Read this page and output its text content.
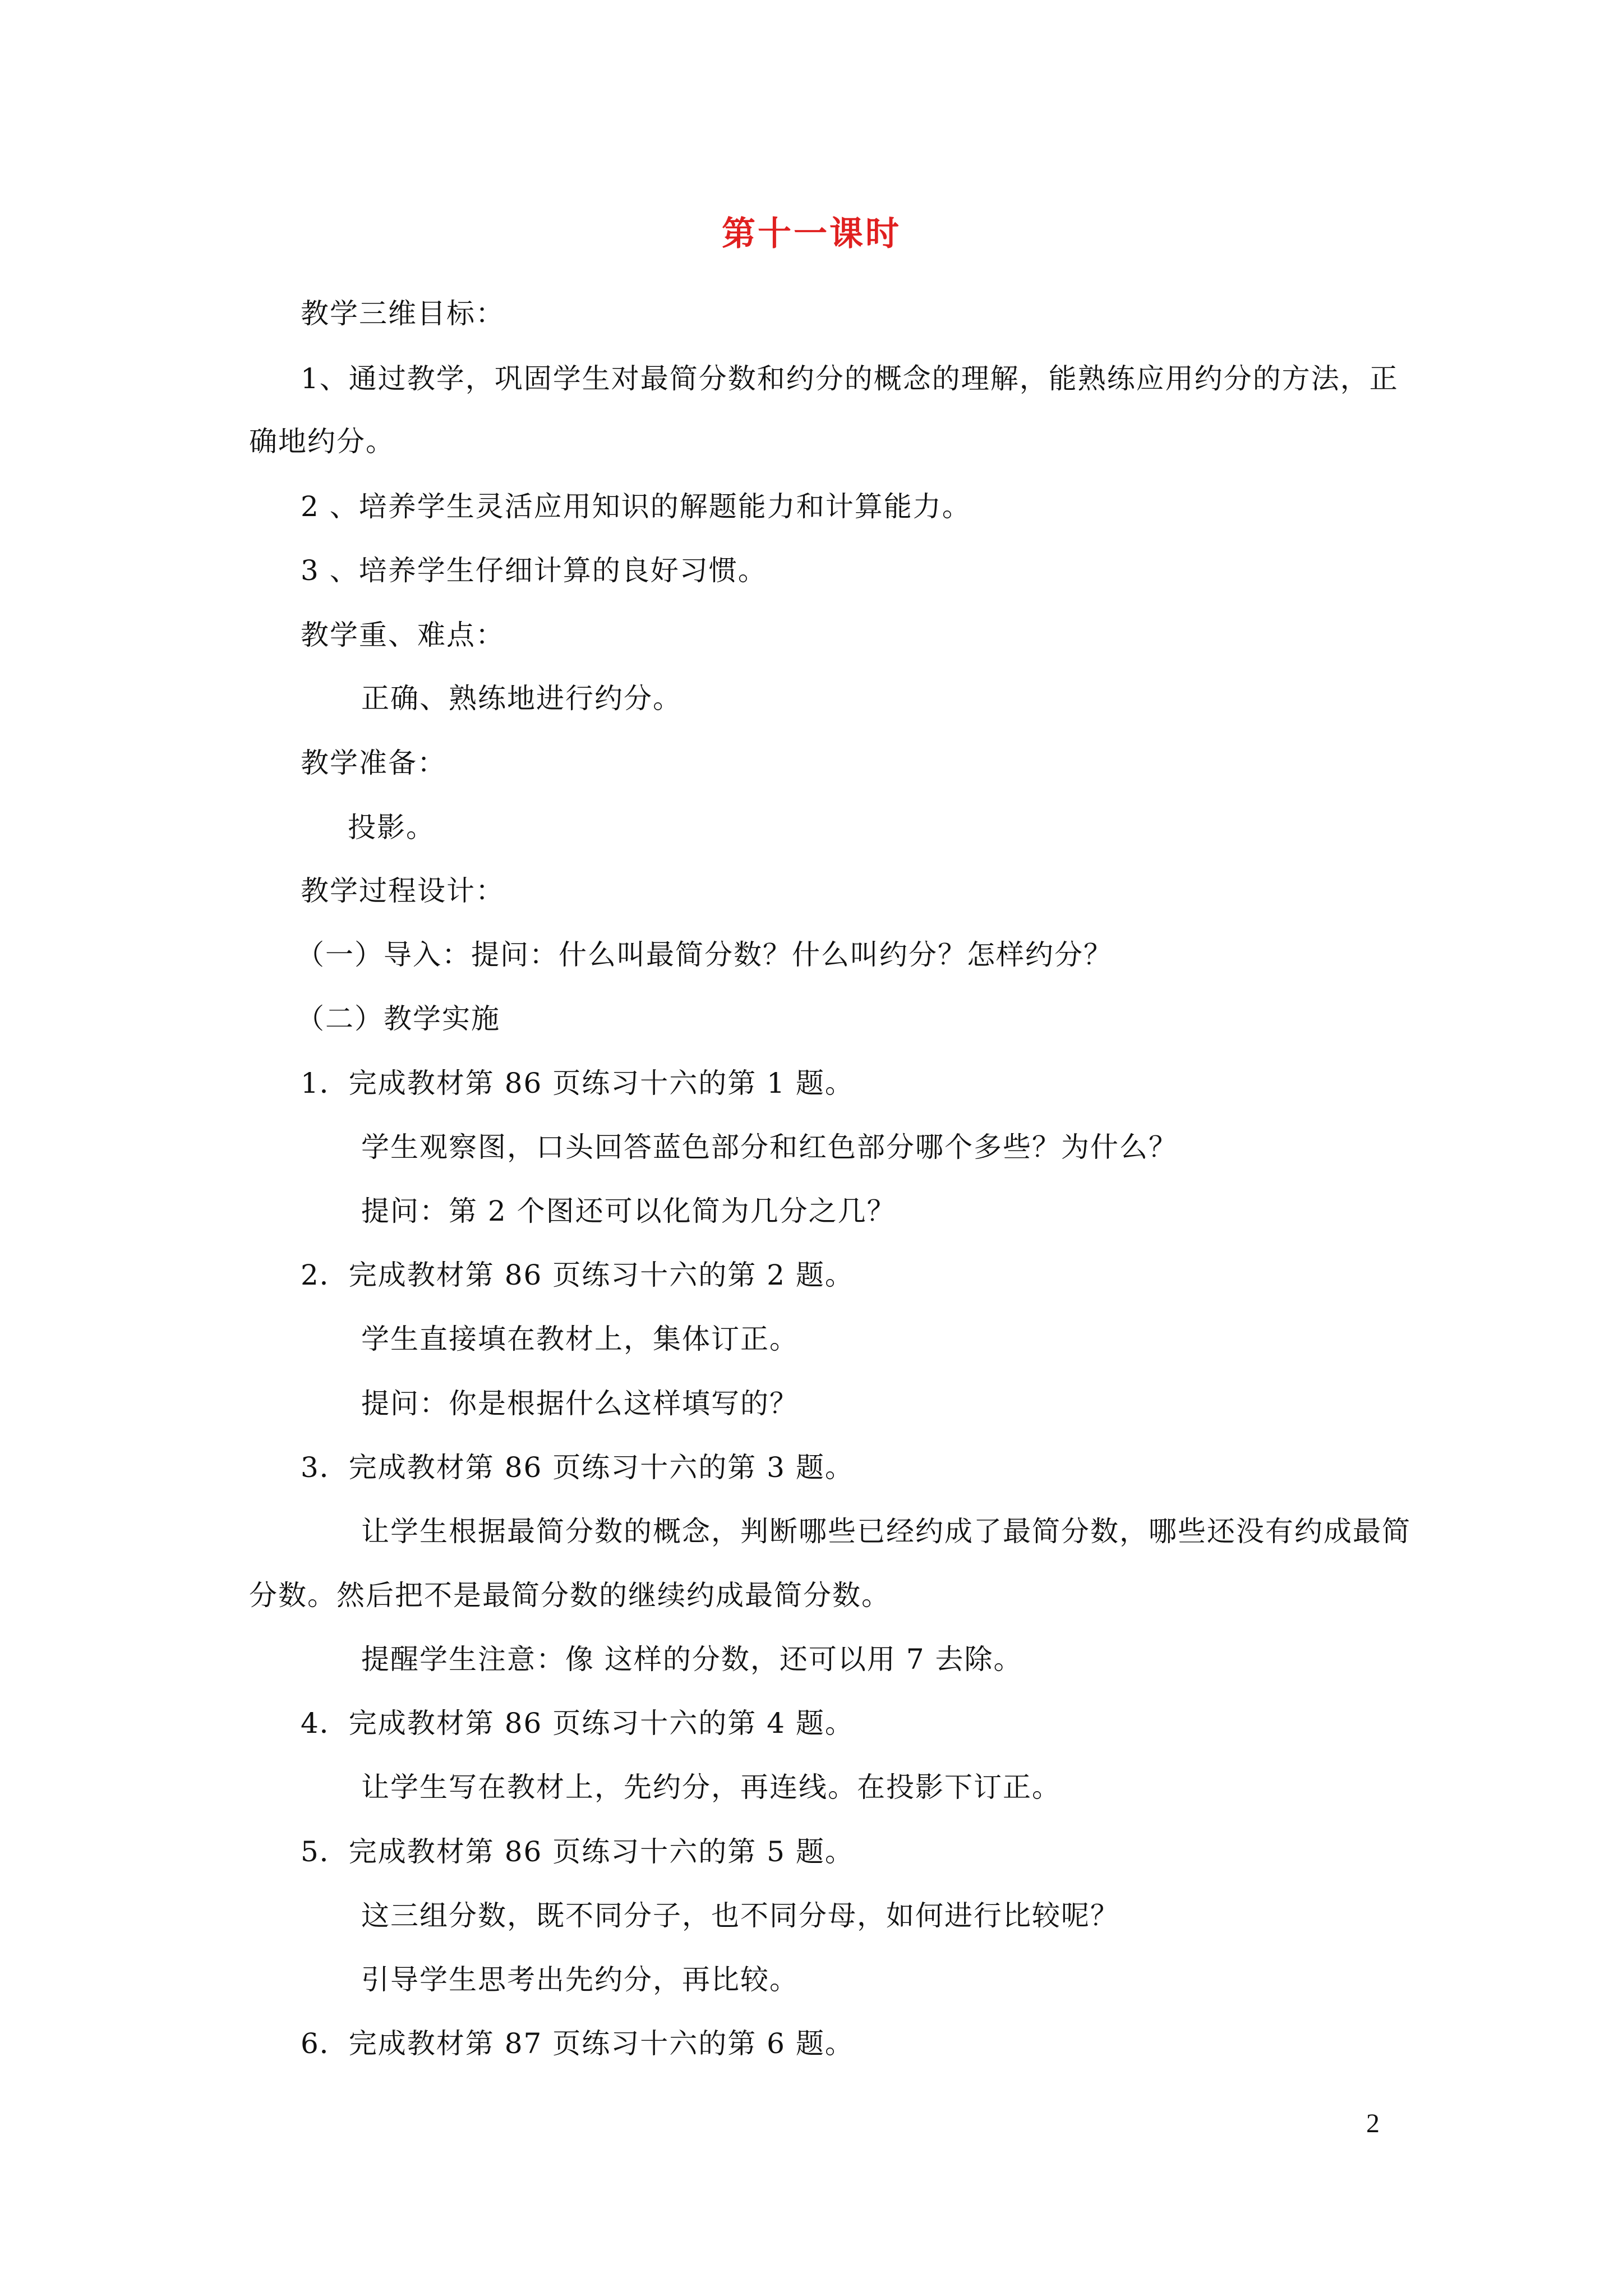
第十一课时
教学三维目标：
1、通过教学，巩固学生对最简分数和约分的概念的理解，能熟练应用约分的方法，正
确地约分。
2 、培养学生灵活应用知识的解题能力和计算能力。
3 、培养学生仔细计算的良好习惯。
教学重、难点：
正确、熟练地进行约分。
教学准备：
投影。
教学过程设计：
（一）导入：提问：什么叫最简分数？什么叫约分？怎样约分？
（二）教学实施
1．完成教材第 86 页练习十六的第 1 题。
学生观察图，口头回答蓝色部分和红色部分哪个多些？为什么？
提问：第 2 个图还可以化简为几分之几？
2．完成教材第 86 页练习十六的第 2 题。
学生直接填在教材上，集体订正。
提问：你是根据什么这样填写的？
3．完成教材第 86 页练习十六的第 3 题。
让学生根据最简分数的概念，判断哪些已经约成了最简分数，哪些还没有约成最简
分数。然后把不是最简分数的继续约成最简分数。
提醒学生注意：像 这样的分数，还可以用 7 去除。
4．完成教材第 86 页练习十六的第 4 题。
让学生写在教材上，先约分，再连线。在投影下订正。
5．完成教材第 86 页练习十六的第 5 题。
这三组分数，既不同分子，也不同分母，如何进行比较呢？
引导学生思考出先约分，再比较。
6．完成教材第 87 页练习十六的第 6 题。
2
